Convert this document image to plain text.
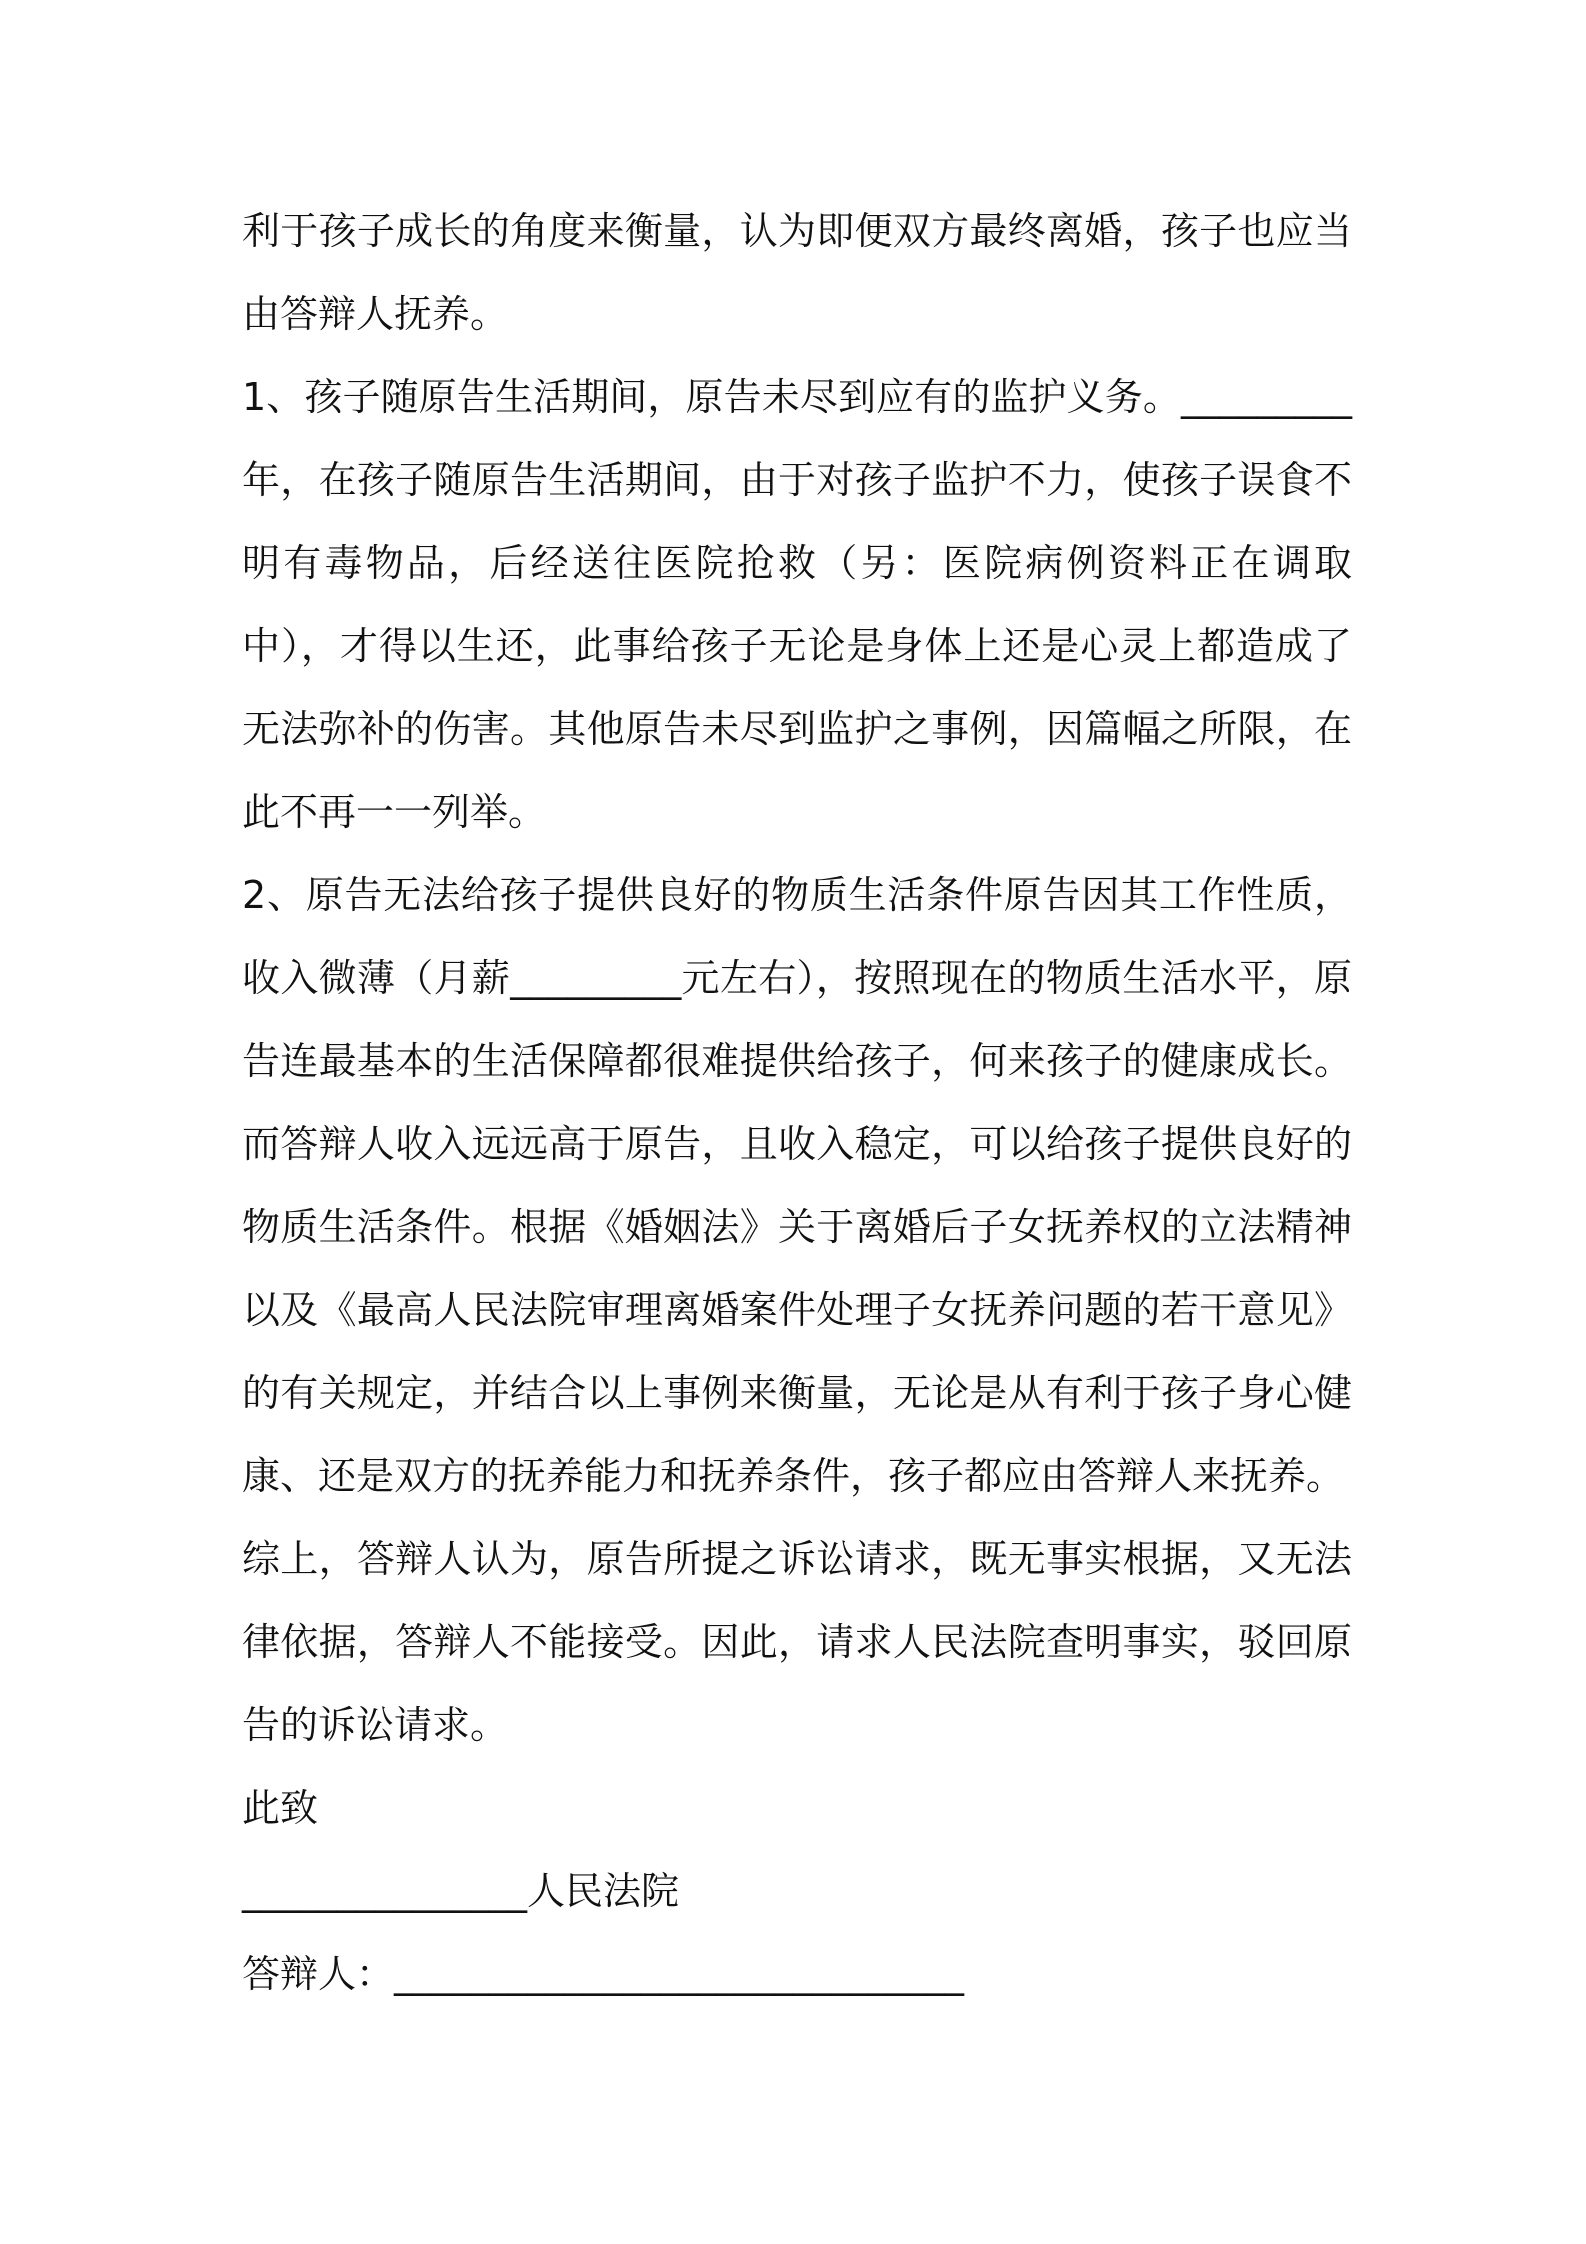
利于孩子成长的角度来衡量，认为即便双方最终离婚，孩子也应当由答辩人抚养。

1、孩子随原告生活期间，原告未尽到应有的监护义务。_________年，在孩子随原告生活期间，由于对孩子监护不力，使孩子误食不明有毒物品，后经送往医院抢救（另：医院病例资料正在调取中），才得以生还，此事给孩子无论是身体上还是心灵上都造成了无法弥补的伤害。其他原告未尽到监护之事例，因篇幅之所限，在此不再一一列举。

2、原告无法给孩子提供良好的物质生活条件原告因其工作性质，收入微薄（月薪_________元左右），按照现在的物质生活水平，原告连最基本的生活保障都很难提供给孩子，何来孩子的健康成长。而答辩人收入远远高于原告，且收入稳定，可以给孩子提供良好的物质生活条件。根据《婚姻法》关于离婚后子女抚养权的立法精神以及《最高人民法院审理离婚案件处理子女抚养问题的若干意见》的有关规定，并结合以上事例来衡量，无论是从有利于孩子身心健康、还是双方的抚养能力和抚养条件，孩子都应由答辩人来抚养。

综上，答辩人认为，原告所提之诉讼请求，既无事实根据，又无法律依据，答辩人不能接受。因此，请求人民法院查明事实，驳回原告的诉讼请求。

此致

_______________人民法院

答辩人：______________________________
